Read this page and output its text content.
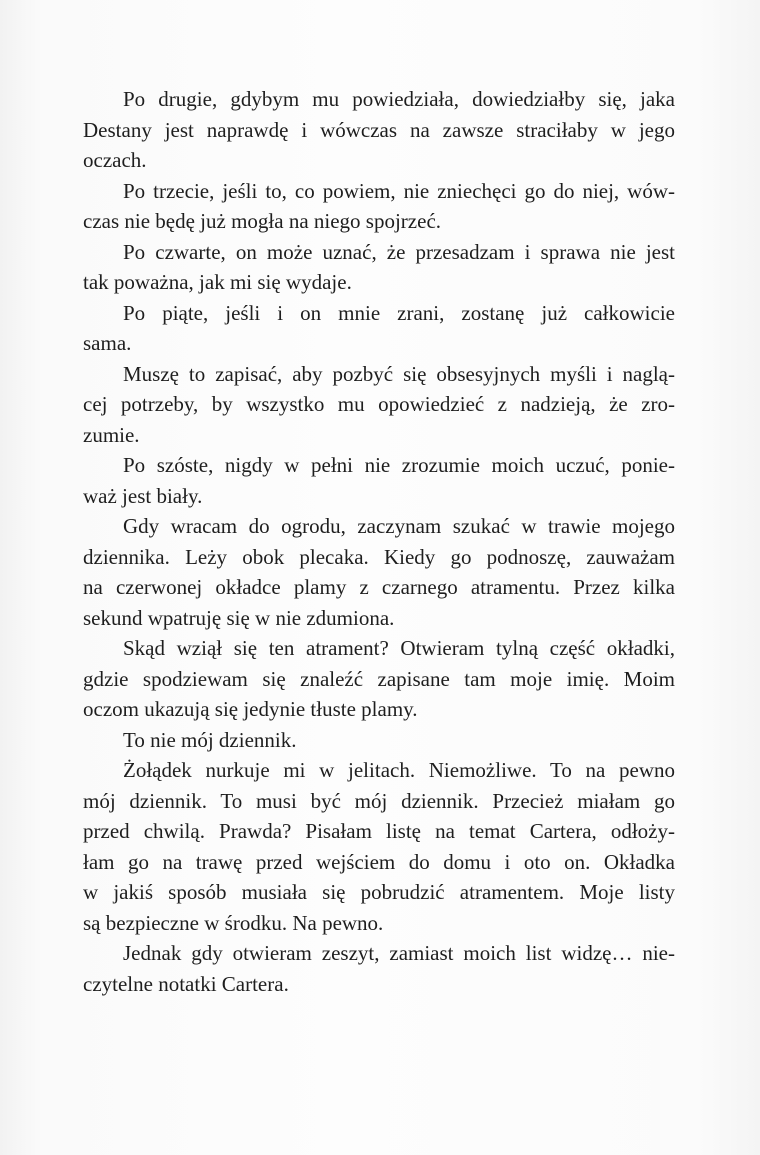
Po drugie, gdybym mu powiedziała, dowiedziałby się, jaka
Destany jest naprawdę i wówczas na zawsze straciłaby w jego
oczach.
Po trzecie, jeśli to, co powiem, nie zniechęci go do niej, wów-
czas nie będę już mogła na niego spojrzeć.
Po czwarte, on może uznać, że przesadzam i sprawa nie jest
tak poważna, jak mi się wydaje.
Po piąte, jeśli i on mnie zrani, zostanę już całkowicie
sama.
Muszę to zapisać, aby pozbyć się obsesyjnych myśli i naglą-
cej potrzeby, by wszystko mu opowiedzieć z nadzieją, że zro-
zumie.
Po szóste, nigdy w pełni nie zrozumie moich uczuć, ponie-
waż jest biały.
Gdy wracam do ogrodu, zaczynam szukać w trawie mojego
dziennika. Leży obok plecaka. Kiedy go podnoszę, zauważam
na czerwonej okładce plamy z czarnego atramentu. Przez kilka
sekund wpatruję się w nie zdumiona.
Skąd wziął się ten atrament? Otwieram tylną część okładki,
gdzie spodziewam się znaleźć zapisane tam moje imię. Moim
oczom ukazują się jedynie tłuste plamy.
To nie mój dziennik.
Żołądek nurkuje mi w jelitach. Niemożliwe. To na pewno
mój dziennik. To musi być mój dziennik. Przecież miałam go
przed chwilą. Prawda? Pisałam listę na temat Cartera, odłoży-
łam go na trawę przed wejściem do domu i oto on. Okładka
w jakiś sposób musiała się pobrudzić atramentem. Moje listy
są bezpieczne w środku. Na pewno.
Jednak gdy otwieram zeszyt, zamiast moich list widzę… nie-
czytelne notatki Cartera.
